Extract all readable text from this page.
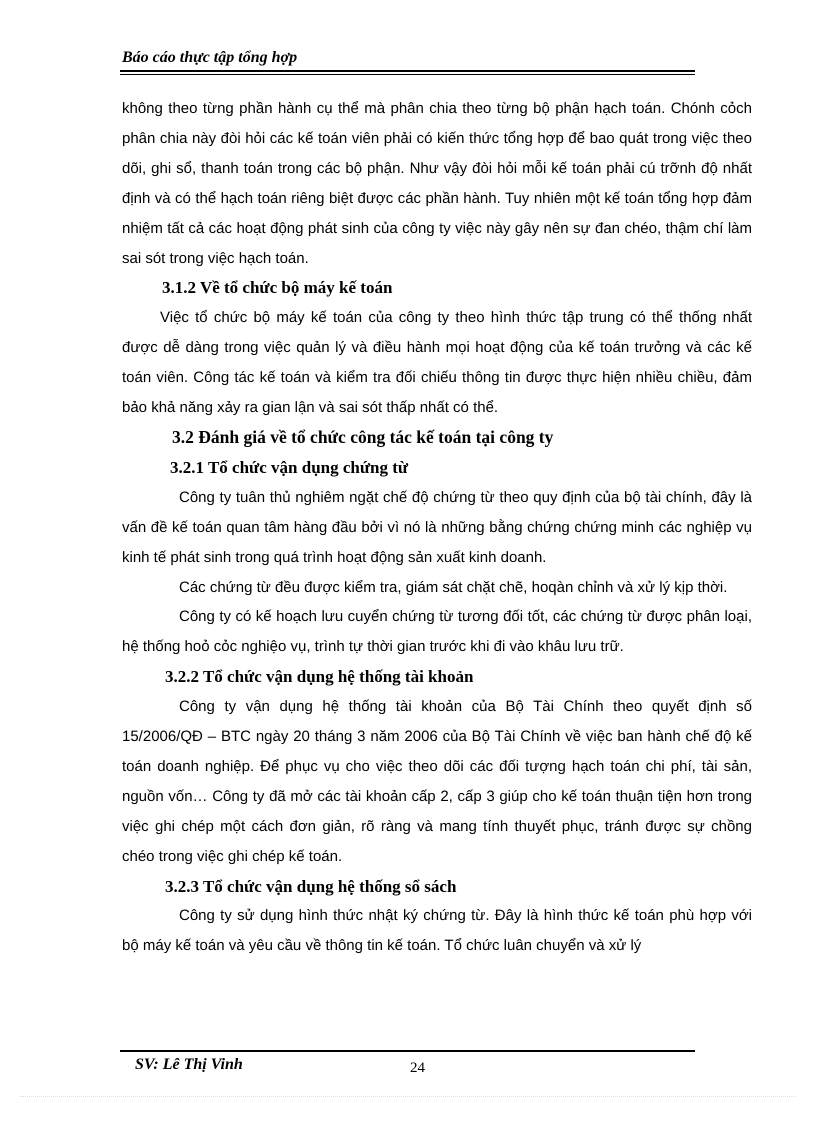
Báo cáo thực tập tổng hợp

không theo từng phần hành cụ thể mà phân chia theo từng bộ phận hạch toán. Chónh cỏch phân chia này đòi hỏi các kế toán viên phải có kiến thức tổng hợp để bao quát trong việc theo dõi, ghi sổ, thanh toán trong các bộ phận. Như vậy đòi hỏi mỗi kế toán phải cú trỡnh độ nhất định và có thể hạch toán riêng biệt được các phần hành. Tuy nhiên một kế toán tổng hợp đảm nhiệm tất cả các hoạt động phát sinh của công ty việc này gây nên sự đan chéo, thậm chí làm sai sót trong việc hạch toán.

3.1.2 Về tổ chức bộ máy kế toán

Việc tổ chức bộ máy kế toán của công ty theo hình thức tập trung có thể thống nhất được dễ dàng trong việc quản lý và điều hành mọi hoạt động của kế toán trưởng và các kế toán viên. Công tác kế toán và kiểm tra đối chiếu thông tin được thực hiện nhiều chiều, đảm bảo khả năng xảy ra gian lận và sai sót thấp nhất có thể.

3.2 Đánh giá về tổ chức công tác kế toán tại công ty

3.2.1 Tổ chức vận dụng chứng từ

Công ty tuân thủ nghiêm ngặt chế độ chứng từ theo quy định của bộ tài chính, đây là vấn đề kế toán quan tâm hàng đầu bởi vì nó là những bằng chứng chứng minh các nghiệp vụ kinh tế phát sinh trong quá trình hoạt động sản xuất kinh doanh.

Các chứng từ đều được kiểm tra, giám sát chặt chẽ, hoqàn chỉnh và xử lý kịp thời.

Công ty có kế hoạch lưu cuyển chứng từ tương đối tốt, các chứng từ được phân loại, hệ thống hoỏ cỏc nghiệo vụ, trình tự thời gian trước khi đi vào khâu lưu trữ.

3.2.2 Tổ chức vận dụng hệ thống tài khoản

Công ty vận dụng hệ thống tài khoản của Bộ Tài Chính theo quyết định số 15/2006/QĐ – BTC ngày 20 tháng 3 năm 2006 của Bộ Tài Chính về việc ban hành chế độ kế toán doanh nghiệp. Để phục vụ cho việc theo dõi các đối tượng hạch toán chi phí, tài sản, nguồn vốn… Công ty đã mở các tài khoản cấp 2, cấp 3 giúp cho kế toán thuận tiện hơn trong việc ghi chép một cách đơn giản, rõ ràng và mang tính thuyết phục, tránh được sự chồng chéo trong việc ghi chép kế toán.

3.2.3 Tổ chức vận dụng hệ thống sổ sách

Công ty sử dụng hình thức nhật ký chứng từ. Đây là hình thức kế toán phù hợp với bộ máy kế toán và yêu cầu về thông tin kế toán. Tổ chức luân chuyển và xử lý

SV: Lê Thị Vinh	24
